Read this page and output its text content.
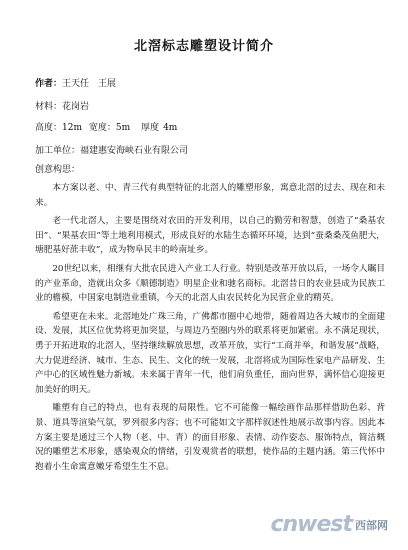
北滘标志雕塑设计简介
作者：王天任　王展
材料：花岗岩
高度：12m 宽度：5m 厚度 4m
加工单位：福建惠安海峡石业有限公司
创意构思：

本方案以老、中、青三代有典型特征的北滘人的雕塑形象，寓意北滘的过去、现在和未来。

老一代北滘人，主要是围绕对农田的开发利用，以自己的勤劳和智慧，创造了“桑基农田”、“果基农田”等土地利用模式，形成良好的水陆生态循环环境，达到“蚕桑桑茂鱼肥大，塘肥基好蔗丰收”，成为物阜民丰的岭南址乡。

20世纪以来，相继有大批农民进入产业工人行业。特别是改革开放以后，一场令人瞩目的产业革命，造就出众多《顺德制造》明星企业和驰名商标。北滘昔日的农业县成为民族工业的檐模，中国家电制造业重镇，今天的北滘人由农民转化为民营企业的精英。

希望更在未来。北滘地处广珠三角，广佛都市圈中心地带，随着周边各大城市的全面建设、发展，其区位优势将更加突显，与周边乃至圈内外的联系将更加紧密。永不满足现状，勇于开拓进取的北滘人，坚持继续解放思想，改革开放，实行“工商并举，和谐发展”战略，大力促进经济、城市、生态、民生、文化的统一发展，北滘将成为国际性家电产品研发、生产中心的区域性魅力新城。未来属于青年一代，他们肩负重任，面向世界，满怀信心迎接更加美好的明天。

雕塑有自己的特点，也有表现的局限性。它不可能像一幅绘画作品那样借助色彩、背景、道具等渲染气氛，罗列很多内容；也不可能如文字那样叙述性地展示故事内容。因此本方案主要是通过三个人物（老、中、青）的面目形象、表情、动作姿态、服饰特点，简洁概况的雕塑艺术形象，感染观众的情绪，引发观赏者的联想，使作品的主题内涵。第三代怀中抱着小生命寓意嫩牙希望生生不息。

cnwest 西部网
